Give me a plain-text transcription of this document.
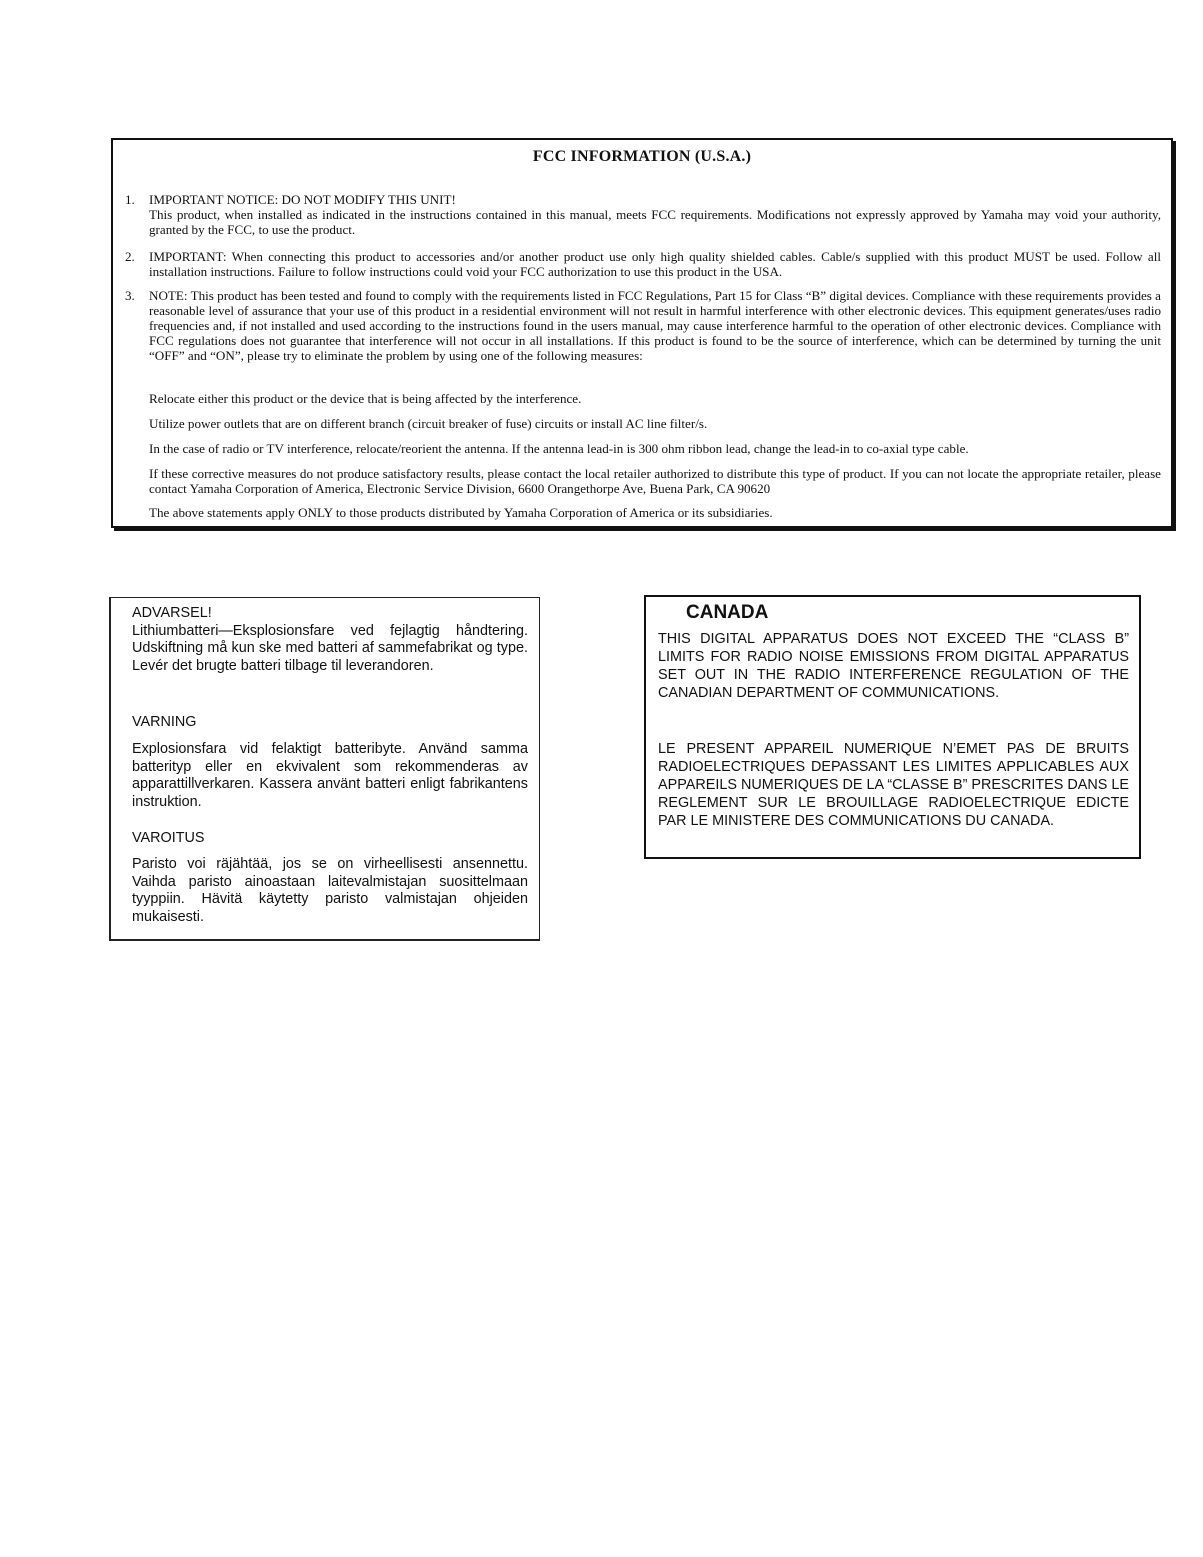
FCC INFORMATION (U.S.A.)
1.	IMPORTANT NOTICE: DO NOT MODIFY THIS UNIT!

This product, when installed as indicated in the instructions contained in this manual, meets FCC requirements. Modifications not expressly approved by Yamaha may void your authority, granted by the FCC, to use the product.

2.	IMPORTANT: When connecting this product to accessories and/or another product use only high quality shielded cables. Cable/s supplied with this product MUST be used. Follow all installation instructions. Failure to follow instructions could void your FCC authorization to use this product in the USA.

3.	NOTE: This product has been tested and found to comply with the requirements listed in FCC Regulations, Part 15 for Class “B” digital devices. Compliance with these requirements provides a reasonable level of assurance that your use of this product in a residential environment will not result in harmful interference with other electronic devices. This equipment generates/uses radio frequencies and, if not installed and used according to the instructions found in the users manual, may cause interference harmful to the operation of other electronic devices. Compliance with FCC regulations does not guarantee that interference will not occur in all installations. If this product is found to be the source of interference, which can be determined by turning the unit “OFF” and “ON”, please try to eliminate the problem by using one of the following measures:

Relocate either this product or the device that is being affected by the interference.

Utilize power outlets that are on different branch (circuit breaker of fuse) circuits or install AC line filter/s.

In the case of radio or TV interference, relocate/reorient the antenna. If the antenna lead-in is 300 ohm ribbon lead, change the lead-in to co-axial type cable.

If these corrective measures do not produce satisfactory results, please contact the local retailer authorized to distribute this type of product. If you can not locate the appropriate retailer, please contact Yamaha Corporation of America, Electronic Service Division, 6600 Orangethorpe Ave, Buena Park, CA 90620

The above statements apply ONLY to those products distributed by Yamaha Corporation of America or its subsidiaries.

ADVARSEL!

Lithiumbatteri—Eksplosionsfare ved fejlagtig håndtering. Udskiftning må kun ske med batteri af sammefabrikat og type. Levér det brugte batteri tilbage til leverandoren.

VARNING

Explosionsfara vid felaktigt batteribyte. Använd samma batterityp eller en ekvivalent som rekommenderas av apparattillverkaren. Kassera använt batteri enligt fabrikantens instruktion.

VAROITUS

Paristo voi räjähtää, jos se on virheellisesti ansennettu. Vaihda paristo ainoastaan laitevalmistajan suosittelmaan tyyppiin. Hävitä käytetty paristo valmistajan ohjeiden mukaisesti.

CANADA

THIS DIGITAL APPARATUS DOES NOT EXCEED THE “CLASS B” LIMITS FOR RADIO NOISE EMISSIONS FROM DIGITAL APPARATUS SET OUT IN THE RADIO INTERFERENCE REGULATION OF THE CANADIAN DEPARTMENT OF COMMUNICATIONS.

LE PRESENT APPAREIL NUMERIQUE N’EMET PAS DE BRUITS RADIOELECTRIQUES DEPASSANT LES LIMITES APPLICABLES AUX APPAREILS NUMERIQUES DE LA “CLASSE B” PRESCRITES DANS LE REGLEMENT SUR LE BROUILLAGE RADIOELECTRIQUE EDICTE PAR LE MINISTERE DES COMMUNICATIONS DU CANADA.
